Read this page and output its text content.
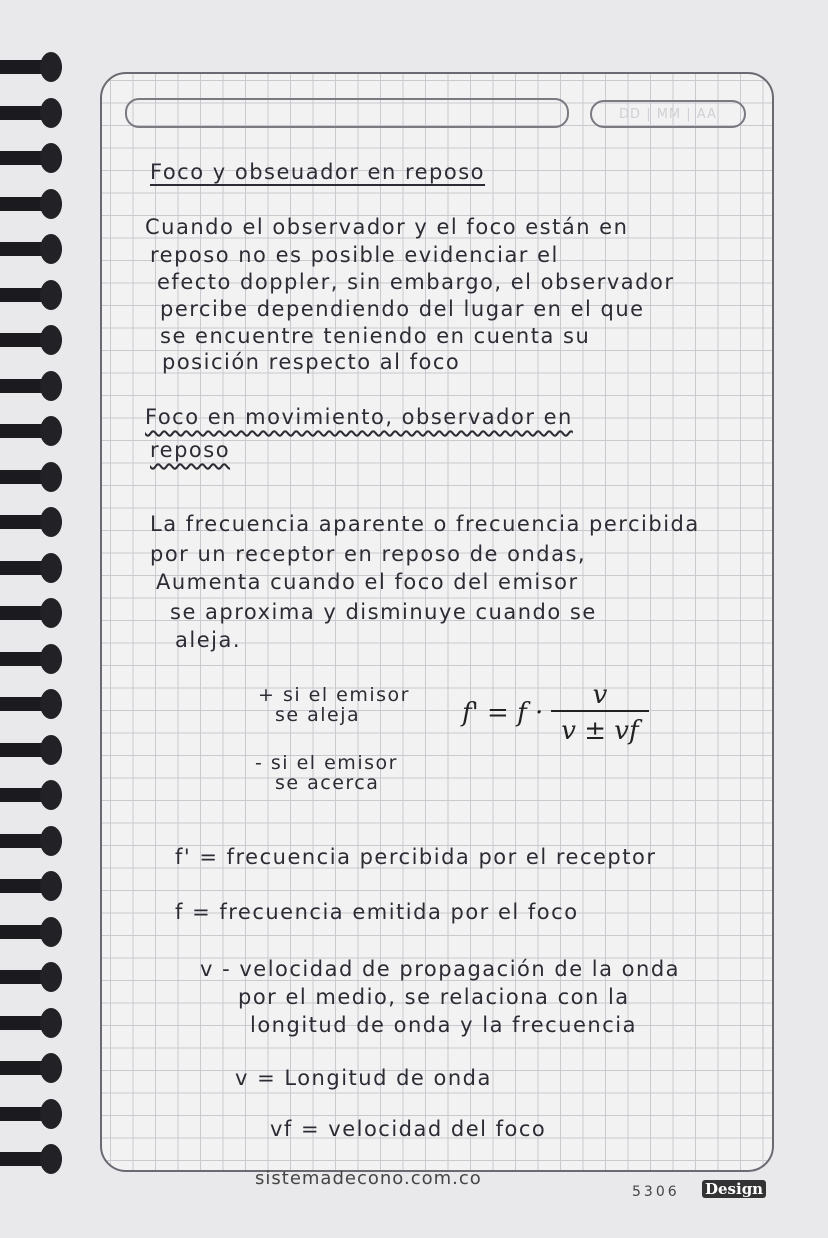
DD | MM | AA
Foco y obseuador en reposo
Cuando el observador y el foco están en
reposo no es posible evidenciar el
efecto doppler, sin embargo, el observador
percibe dependiendo del lugar en el que
se encuentre teniendo en cuenta su
posición respecto al foco
Foco en movimiento, observador en
reposo
La frecuencia aparente o frecuencia percibida
por un receptor en reposo de ondas,
Aumenta cuando el foco del emisor
se aproxima y disminuye cuando se
aleja.
+ si el emisor
se aleja
- si el emisor
se acerca
$f' = f \cdot \frac{v}{v \pm vf}$
f' = frecuencia percibida por el receptor
f = frecuencia emitida por el foco
v - velocidad de propagación de la onda
por el medio, se relaciona con la
longitud de onda y la frecuencia
v = Longitud de onda
vf = velocidad del foco
sistemadecono.com.co
5306 Design
